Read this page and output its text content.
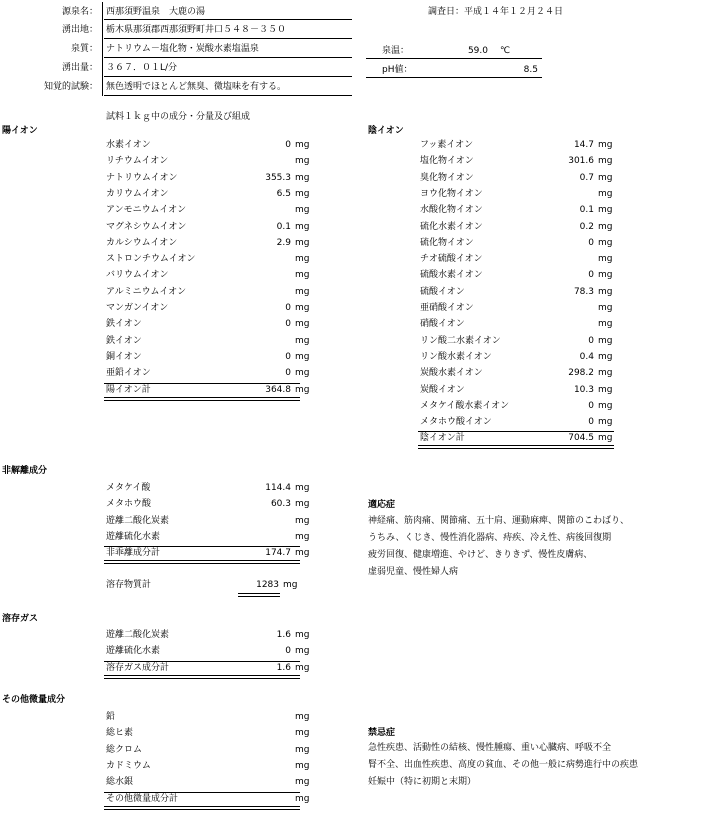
源泉名： 西那須野温泉　大鹿の湯
湧出地： 栃木県那須郡西那須野町井口５４８－３５０
泉質： ナトリウム－塩化物・炭酸水素塩温泉
湧出量： ３６７．０１L/分
知覚的試験： 無色透明でほとんど無臭、微塩味を有する。
調査日：平成１４年１２月２４日
泉温：	59.0 ℃
pH値：	8.5
試料１ｋｇ中の成分・分量及び組成
陽イオン
水素イオン	0 mg
リチウムイオン	mg
ナトリウムイオン	355.3 mg
カリウムイオン	6.5 mg
アンモニウムイオン	mg
マグネシウムイオン	0.1 mg
カルシウムイオン	2.9 mg
ストロンチウムイオン	mg
バリウムイオン	mg
アルミニウムイオン	mg
マンガンイオン	0 mg
鉄イオン	0 mg
鉄イオン	mg
銅イオン	0 mg
亜鉛イオン	0 mg
陽イオン計	364.8 mg
陰イオン
フッ素イオン	14.7 mg
塩化物イオン	301.6 mg
臭化物イオン	0.7 mg
ヨウ化物イオン	mg
水酸化物イオン	0.1 mg
硫化水素イオン	0.2 mg
硫化物イオン	0 mg
チオ硫酸イオン	mg
硫酸水素イオン	0 mg
硫酸イオン	78.3 mg
亜硝酸イオン	mg
硝酸イオン	mg
リン酸二水素イオン	0 mg
リン酸水素イオン	0.4 mg
炭酸水素イオン	298.2 mg
炭酸イオン	10.3 mg
メタケイ酸水素イオン	0 mg
メタホウ酸イオン	0 mg
陰イオン計	704.5 mg
非解離成分
メタケイ酸	114.4 mg
メタホウ酸	60.3 mg
遊離二酸化炭素	mg
遊離硫化水素	mg
非乖離成分計	174.7 mg
溶存物質計	1283 mg
溶存ガス
遊離二酸化炭素	1.6 mg
遊離硫化水素	0 mg
溶存ガス成分計	1.6 mg
その他微量成分
鉛	mg
総ヒ素	mg
総クロム	mg
カドミウム	mg
総水銀	mg
その他微量成分計	mg
適応症
神経痛、筋肉痛、関節痛、五十肩、運動麻痺、関節のこわばり、
うちみ、くじき、慢性消化器病、痔疾、冷え性、病後回復期
疲労回復、健康増進、やけど、きりきず、慢性皮膚病、
虚弱児童、慢性婦人病
禁忌症
急性疾患、活動性の結核、慢性腫瘍、重い心臓病、呼吸不全
腎不全、出血性疾患、高度の貧血、その他一般に病勢進行中の疾患
妊娠中（特に初期と末期）
